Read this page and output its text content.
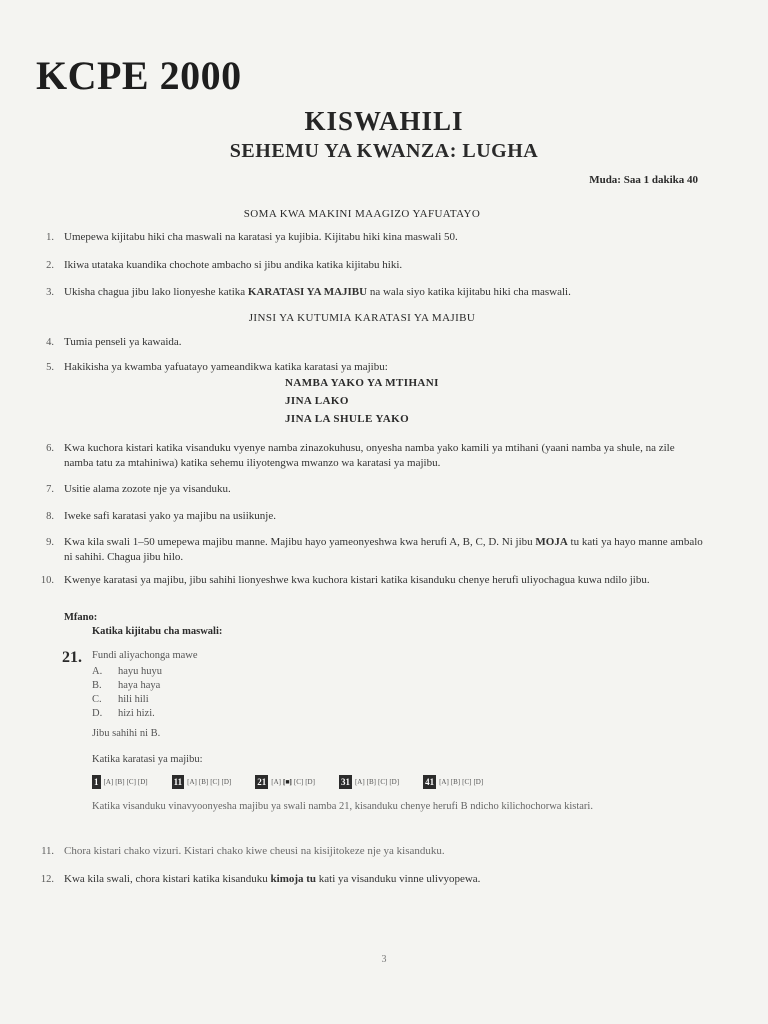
KCPE 2000
KISWAHILI
SEHEMU YA KWANZA: LUGHA
Muda: Saa 1 dakika 40
SOMA KWA MAKINI MAAGIZO YAFUATAYO
1. Umepewa kijitabu hiki cha maswali na karatasi ya kujibia. Kijitabu hiki kina maswali 50.
2. Ikiwa utataka kuandika chochote ambacho si jibu andika katika kijitabu hiki.
3. Ukisha chagua jibu lako lionyeshe katika KARATASI YA MAJIBU na wala siyo katika kijitabu hiki cha maswali.
JINSI YA KUTUMIA KARATASI YA MAJIBU
4. Tumia penseli ya kawaida.
5. Hakikisha ya kwamba yafuatayo yameandikwa katika karatasi ya majibu:
NAMBA YAKO YA MTIHANI
JINA LAKO
JINA LA SHULE YAKO
6. Kwa kuchora kistari katika visanduku vyenye namba zinazokuhusu, onyesha namba yako kamili ya mtihani (yaani namba ya shule, na zile namba tatu za mtahiniwa) katika sehemu iliyotengwa mwanzo wa karatasi ya majibu.
7. Usitie alama zozote nje ya visanduku.
8. Iweke safi karatasi yako ya majibu na usiikunje.
9. Kwa kila swali 1–50 umepewa majibu manne. Majibu hayo yameonyeshwa kwa herufi A, B, C, D. Ni jibu MOJA tu kati ya hayo manne ambalo ni sahihi. Chagua jibu hilo.
10. Kwenye karatasi ya majibu, jibu sahihi lionyeshwe kwa kuchora kistari katika kisanduku chenye herufi uliyochagua kuwa ndilo jibu.
Mfano:
Katika kijitabu cha maswali:
21. Fundi aliyachonga mawe
A. hayu huyu
B. haya haya
C. hili hili
D. hizi hizi.
Jibu sahihi ni B.
Katika karatasi ya majibu:
1 [A] [B] [C] [D]	11 [A] [B] [C] [D]	21 [A] [■] [C] [D]	31 [A] [B] [C] [D]	41 [A] [B] [C] [D]
Katika visanduku vinavyoonyesha majibu ya swali namba 21, kisanduku chenye herufi B ndicho kilichochorwa kistari.
11. Chora kistari chako vizuri. Kistari chako kiwe cheusi na kisijitokeze nje ya kisanduku.
12. Kwa kila swali, chora kistari katika kisanduku kimoja tu kati ya visanduku vinne ulivyopewa.
3
